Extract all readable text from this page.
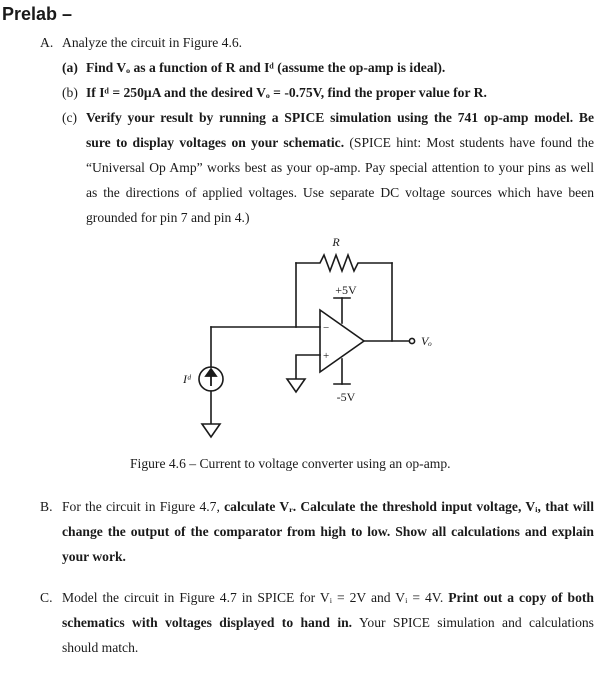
Prelab –
A. Analyze the circuit in Figure 4.6.
(a) Find Vₒ as a function of R and Iᵈ (assume the op-amp is ideal).
(b) If Iᵈ = 250μA and the desired Vₒ = -0.75V, find the proper value for R.
(c) Verify your result by running a SPICE simulation using the 741 op-amp model. Be
sure to display voltages on your schematic. (SPICE hint: Most students have found the
“Universal Op Amp” works best as your op-amp. Pay special attention to your pins as well
as the directions of applied voltages. Use separate DC voltage sources which have been
grounded for pin 7 and pin 4.)
R
+5V
-5V
Vₒ
Iᵈ
−
+
Figure 4.6 – Current to voltage converter using an op-amp.
B. For the circuit in Figure 4.7, calculate Vᵣ. Calculate the threshold input voltage, Vᵢ, that will
change the output of the comparator from high to low. Show all calculations and explain
your work.
C. Model the circuit in Figure 4.7 in SPICE for Vᵢ = 2V and Vᵢ = 4V. Print out a copy of both
schematics with voltages displayed to hand in. Your SPICE simulation and calculations
should match.
